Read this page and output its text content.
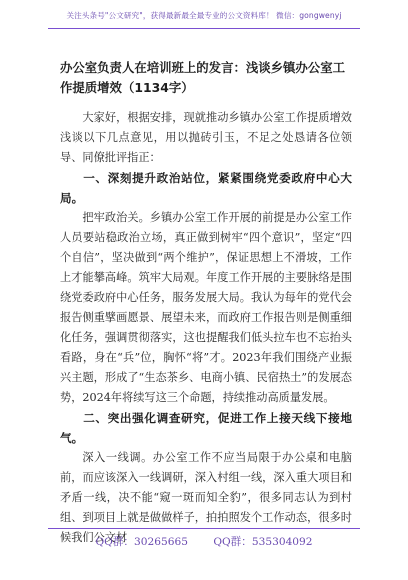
关注头条号"公文研究"，获得最新最全最专业的公文资料库！ 微信：gongwenyj
办公室负责人在培训班上的发言：浅谈乡镇办公室工作提质增效（1134字）

大家好，根据安排，现就推动乡镇办公室工作提质增效浅谈以下几点意见，用以抛砖引玉，不足之处恳请各位领导、同僚批评指正：

一、深刻提升政治站位，紧紧围绕党委政府中心大局。

把牢政治关。乡镇办公室工作开展的前提是办公室工作人员要站稳政治立场，真正做到树牢“四个意识”，坚定“四个自信”，坚决做到“两个维护”，保证思想上不滑坡，工作上才能攀高峰。筑牢大局观。年度工作开展的主要脉络是围绕党委政府中心任务，服务发展大局。我认为每年的党代会报告侧重擘画愿景、展望未来，而政府工作报告则是侧重细化任务，强调贯彻落实，这也提醒我们低头拉车也不忘抬头看路，身在“兵”位，胸怀“将”才。2023年我们围绕产业振兴主题，形成了“生态茶乡、电商小镇、民宿热土”的发展态势，2024年将续写这三个命题，持续推动高质量发展。

二、突出强化调查研究，促进工作上接天线下接地气。

深入一线调。办公室工作不应当局限于办公桌和电脑前，而应该深入一线调研，深入村组一线，深入重大项目和矛盾一线，决不能“窥一斑而知全豹”，很多同志认为到村组、到项目上就是做做样子，拍拍照发个工作动态，很多时候我们公文材

QQ群：30265665 QQ群：535304092
